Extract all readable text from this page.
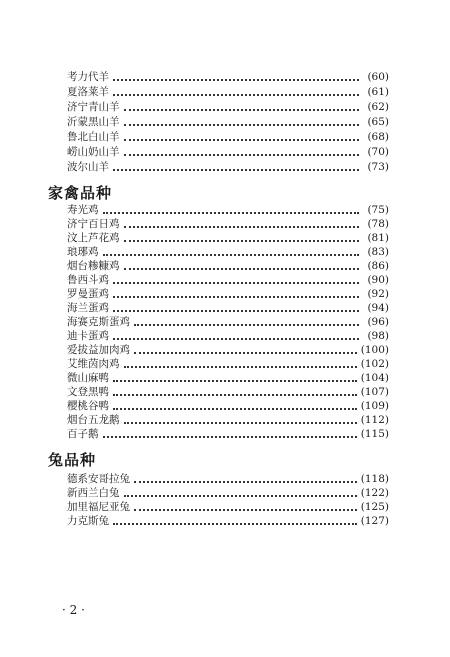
考力代羊	(60)
夏洛莱羊	(61)
济宁青山羊	(62)
沂蒙黑山羊	(65)
鲁北白山羊	(68)
崂山奶山羊	(70)
波尔山羊	(73)
家禽品种
寿光鸡	(75)
济宁百日鸡	(78)
汶上芦花鸡	(81)
琅琊鸡	(83)
烟台糁糠鸡	(86)
鲁西斗鸡	(90)
罗曼蛋鸡	(92)
海兰蛋鸡	(94)
海赛克斯蛋鸡	(96)
迪卡蛋鸡	(98)
爱拔益加肉鸡	(100)
艾维茵肉鸡	(102)
微山麻鸭	(104)
文登黑鸭	(107)
樱桃谷鸭	(109)
烟台五龙鹅	(112)
百子鹅	(115)
兔品种
德系安哥拉兔	(118)
新西兰白兔	(122)
加里福尼亚兔	(125)
力克斯兔	(127)
· 2 ·
